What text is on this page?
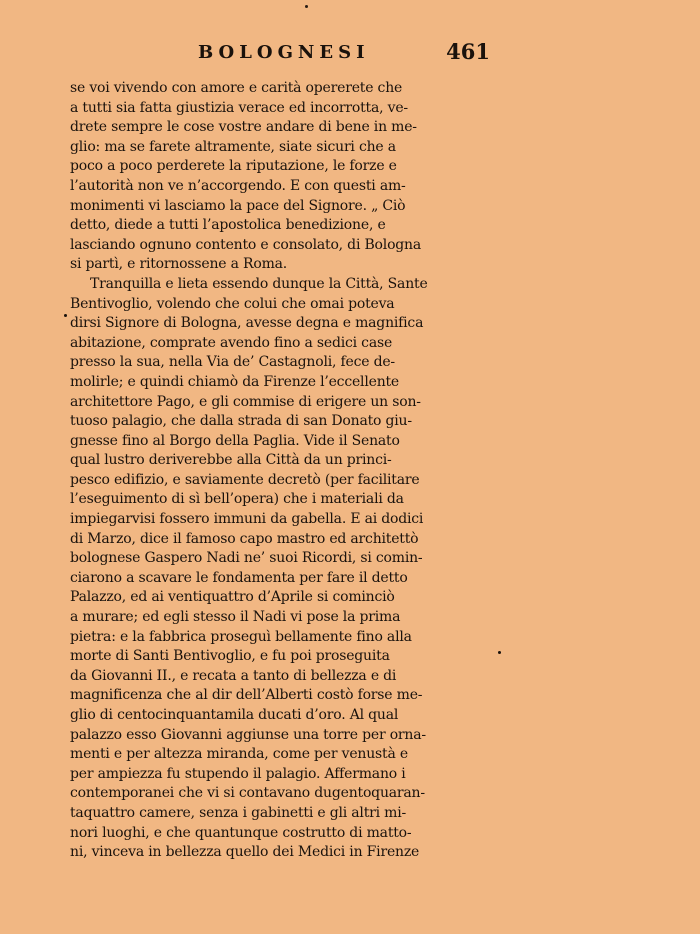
BOLOGNESI	461
se voi vivendo con amore e carità opererete che
a tutti sia fatta giustizia verace ed incorrotta, ve-
drete sempre le cose vostre andare di bene in me-
glio: ma se farete altramente, siate sicuri che a
poco a poco perderete la riputazione, le forze e
l’autorità non ve n’accorgendo. E con questi am-
monimenti vi lasciamo la pace del Signore. „ Ciò
detto, diede a tutti l’apostolica benedizione, e
lasciando ognuno contento e consolato, di Bologna
si partì, e ritornossene a Roma.
Tranquilla e lieta essendo dunque la Città, Sante
Bentivoglio, volendo che colui che omai poteva
dirsi Signore di Bologna, avesse degna e magnifica
abitazione, comprate avendo fino a sedici case
presso la sua, nella Via de’ Castagnoli, fece de-
molirle; e quindi chiamò da Firenze l’eccellente
architettore Pago, e gli commise di erigere un son-
tuoso palagio, che dalla strada di san Donato giu-
gnesse fino al Borgo della Paglia. Vide il Senato
qual lustro deriverebbe alla Città da un princi-
pesco edifizio, e saviamente decretò (per facilitare
l’eseguimento di sì bell’opera) che i materiali da
impiegarvisi fossero immuni da gabella. E ai dodici
di Marzo, dice il famoso capo mastro ed architettò
bolognese Gaspero Nadi ne’ suoi Ricordi, si comin-
ciarono a scavare le fondamenta per fare il detto
Palazzo, ed ai ventiquattro d’Aprile si cominciò
a murare; ed egli stesso il Nadi vi pose la prima
pietra: e la fabbrica proseguì bellamente fino alla
morte di Santi Bentivoglio, e fu poi proseguita
da Giovanni II., e recata a tanto di bellezza e di
magnificenza che al dir dell’Alberti costò forse me-
glio di centocinquantamila ducati d’oro. Al qual
palazzo esso Giovanni aggiunse una torre per orna-
menti e per altezza miranda, come per venustà e
per ampiezza fu stupendo il palagio. Affermano i
contemporanei che vi si contavano dugentoquaran-
taquattro camere, senza i gabinetti e gli altri mi-
nori luoghi, e che quantunque costrutto di matto-
ni, vinceva in bellezza quello dei Medici in Firenze
